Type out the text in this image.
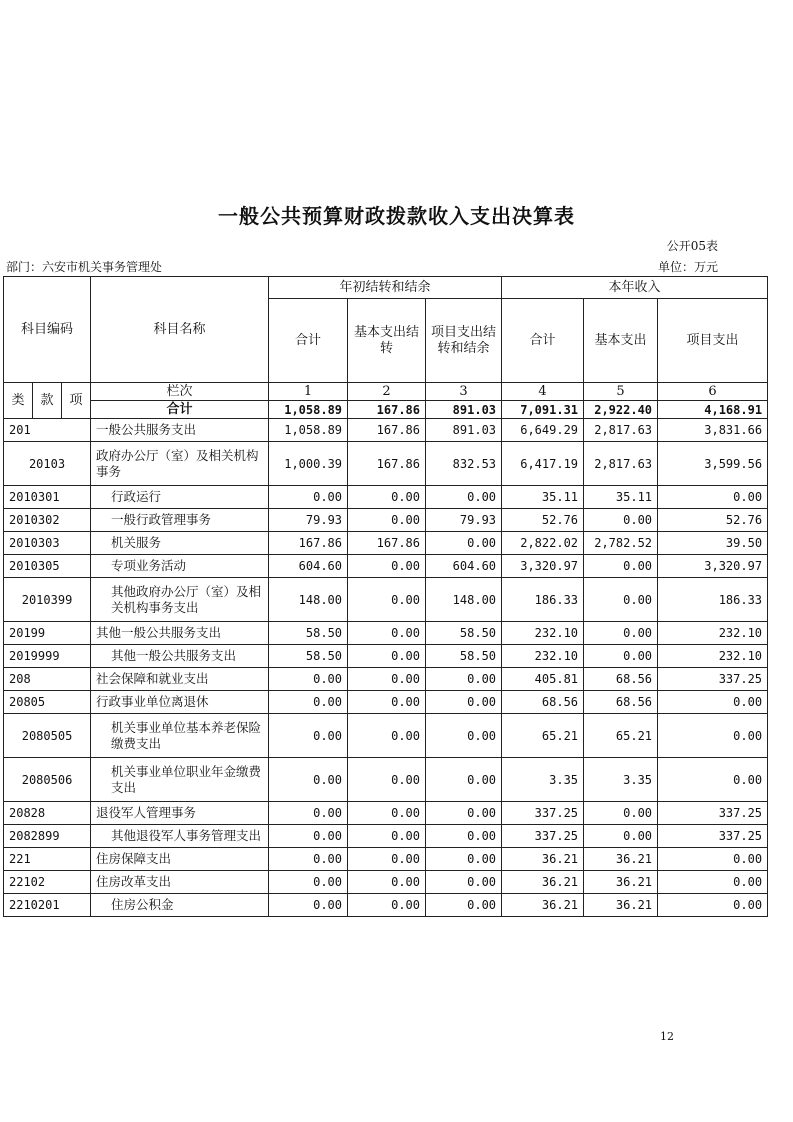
一般公共预算财政拨款收入支出决算表
公开05表
部门：六安市机关事务管理处	单位：万元
科目编码			科目名称	年初结转和结余			本年收入		
				合计	基本支出结转	项目支出结转和结余	合计	基本支出	项目支出
类	款	项	栏次	1	2	3	4	5	6
			合计	1,058.89	167.86	891.03	7,091.31	2,922.40	4,168.91
201			一般公共服务支出	1,058.89	167.86	891.03	6,649.29	2,817.63	3,831.66
20103			政府办公厅（室）及相关机构事务	1,000.39	167.86	832.53	6,417.19	2,817.63	3,599.56
2010301			行政运行	0.00	0.00	0.00	35.11	35.11	0.00
2010302			一般行政管理事务	79.93	0.00	79.93	52.76	0.00	52.76
2010303			机关服务	167.86	167.86	0.00	2,822.02	2,782.52	39.50
2010305			专项业务活动	604.60	0.00	604.60	3,320.97	0.00	3,320.97
2010399			其他政府办公厅（室）及相关机构事务支出	148.00	0.00	148.00	186.33	0.00	186.33
20199			其他一般公共服务支出	58.50	0.00	58.50	232.10	0.00	232.10
2019999			其他一般公共服务支出	58.50	0.00	58.50	232.10	0.00	232.10
208			社会保障和就业支出	0.00	0.00	0.00	405.81	68.56	337.25
20805			行政事业单位离退休	0.00	0.00	0.00	68.56	68.56	0.00
2080505			机关事业单位基本养老保险缴费支出	0.00	0.00	0.00	65.21	65.21	0.00
2080506			机关事业单位职业年金缴费支出	0.00	0.00	0.00	3.35	3.35	0.00
20828			退役军人管理事务	0.00	0.00	0.00	337.25	0.00	337.25
2082899			其他退役军人事务管理支出	0.00	0.00	0.00	337.25	0.00	337.25
221			住房保障支出	0.00	0.00	0.00	36.21	36.21	0.00
22102			住房改革支出	0.00	0.00	0.00	36.21	36.21	0.00
2210201			住房公积金	0.00	0.00	0.00	36.21	36.21	0.00
12
